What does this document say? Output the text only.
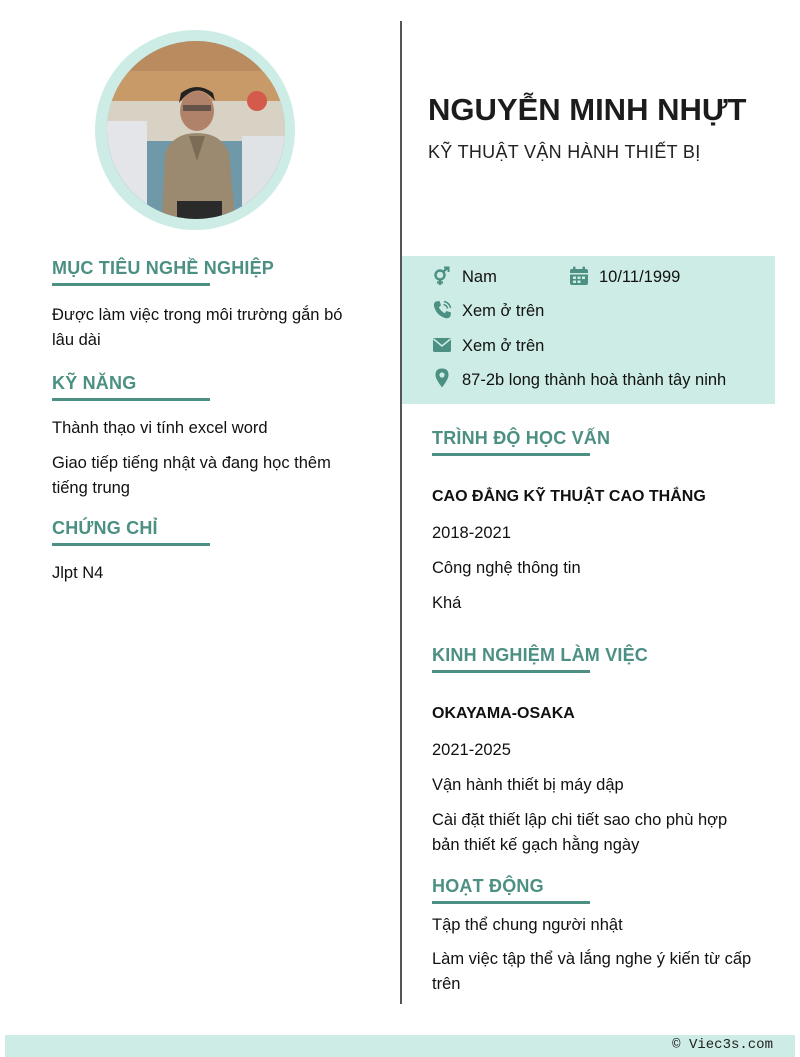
MỤC TIÊU NGHỀ NGHIỆP
Được làm việc trong môi trường gắn bó lâu dài
KỸ NĂNG
Thành thạo vi tính excel word
Giao tiếp tiếng nhật và đang học thêm tiếng trung
CHỨNG CHỈ
Jlpt N4
NGUYỄN MINH NHỰT
KỸ THUẬT VẬN HÀNH THIẾT BỊ
Nam	10/11/1999
Xem ở trên
Xem ở trên
87-2b long thành hoà thành tây ninh
TRÌNH ĐỘ HỌC VẤN
CAO ĐẲNG KỸ THUẬT CAO THẮNG
2018-2021
Công nghệ thông tin
Khá
KINH NGHIỆM LÀM VIỆC
OKAYAMA-OSAKA
2021-2025
Vận hành thiết bị máy dập
Cài đặt thiết lập chi tiết sao cho phù hợp bản thiết kế gạch hằng ngày
HOẠT ĐỘNG
Tập thể chung người nhật
Làm việc tập thể và lắng nghe ý kiến từ cấp trên
© Viec3s.com
